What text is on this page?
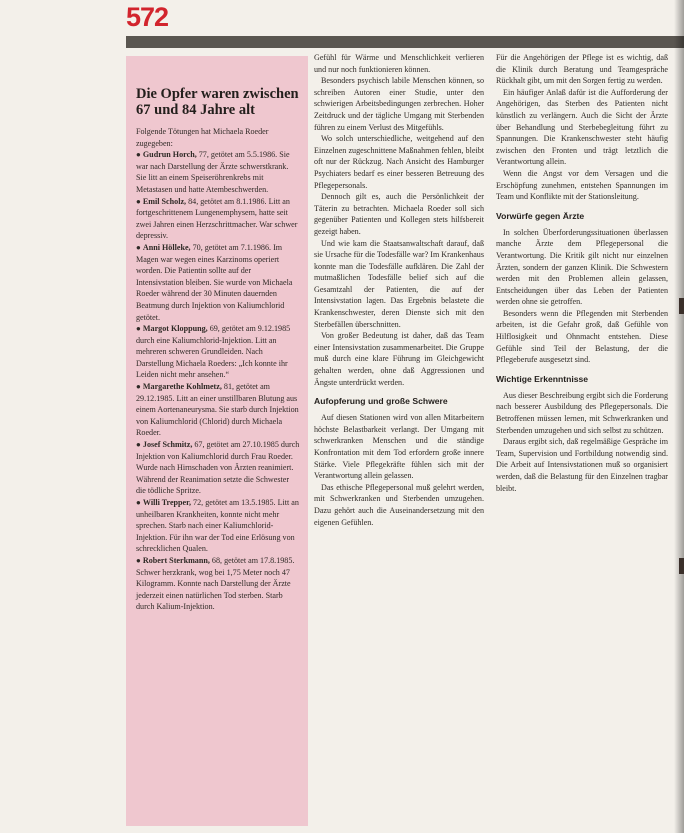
572
Die Opfer waren zwischen 67 und 84 Jahre alt

Folgende Tötungen hat Michaela Roeder zugegeben:

● Gudrun Horch, 77, getötet am 5.5.1986. Sie war nach Darstellung der Ärzte schwerstkrank. Sie litt an einem Speiseröhrenkrebs mit Metastasen und hatte Atembeschwerden.

● Emil Scholz, 84, getötet am 8.1.1986. Litt an fortgeschrittenem Lungenemphysem, hatte seit zwei Jahren einen Herzschrittmacher. War schwer depressiv.

● Anni Hölleke, 70, getötet am 7.1.1986. Im Magen war wegen eines Karzinoms operiert worden. Die Patientin sollte auf der Intensivstation bleiben. Sie wurde von Michaela Roeder während der 30 Minuten dauernden Beatmung durch Injektion von Kaliumchlorid getötet.

● Margot Kloppung, 69, getötet am 9.12.1985 durch eine Kaliumchlorid-Injektion. Litt an mehreren schweren Grundleiden. Nach Darstellung Michaela Roeders: „Ich konnte ihr Leiden nicht mehr ansehen.“

● Margarethe Kohlmetz, 81, getötet am 29.12.1985. Litt an einer unstillbaren Blutung aus einem Aortenaneurysma. Sie starb durch Injektion von Kaliumchlorid (Chlorid) durch Michaela Roeder.

● Josef Schmitz, 67, getötet am 27.10.1985 durch Injektion von Kaliumchlorid durch Frau Roeder. Wurde nach Hirnschaden von Ärzten reanimiert. Während der Reanimation setzte die Schwester die tödliche Spritze.

● Willi Trepper, 72, getötet am 13.5.1985. Litt an unheilbaren Krankheiten, konnte nicht mehr sprechen. Starb nach einer Kaliumchlorid-Injektion. Für ihn war der Tod eine Erlösung von schrecklichen Qualen.

● Robert Sterkmann, 68, getötet am 17.8.1985. Schwer herzkrank, wog bei 1,75 Meter noch 47 Kilogramm. Konnte nach Darstellung der Ärzte jederzeit einen natürlichen Tod sterben. Starb durch Kalium-Injektion.

Gefühl für Wärme und Menschlichkeit verlieren und nur noch funktionieren können.

Besonders psychisch labile Menschen können, so schreiben Autoren einer Studie, unter den schwierigen Arbeitsbedingungen zerbrechen. Hoher Zeitdruck und der tägliche Umgang mit Sterbenden führen zu einem Verlust des Mitgefühls.

Wo solch unterschiedliche, weitgehend auf den Einzelnen zugeschnittene Maßnahmen fehlen, bleibt oft nur der Rückzug. Nach Ansicht des Hamburger Psychiaters bedarf es einer besseren Betreuung des Pflegepersonals.

Dennoch gilt es, auch die Persönlichkeit der Täterin zu betrachten. Michaela Roeder soll sich gegenüber Patienten und Kollegen stets hilfsbereit gezeigt haben.

Und wie kam die Staatsanwaltschaft darauf, daß sie Ursache für die Todesfälle war? Im Krankenhaus konnte man die Todesfälle aufklären. Die Zahl der mutmaßlichen Todesfälle belief sich auf die Gesamtzahl der Patienten, die auf der Intensivstation lagen. Das Ergebnis belastete die Krankenschwester, deren Dienste sich mit den Sterbefällen überschnitten.

Von großer Bedeutung ist daher, daß das Team einer Intensivstation zusammenarbeitet. Die Gruppe muß durch eine klare Führung im Gleichgewicht gehalten werden, ohne daß Aggressionen und Ängste unterdrückt werden.

Aufopferung und große Schwere

Auf diesen Stationen wird von allen Mitarbeitern höchste Belastbarkeit verlangt. Der Umgang mit schwerkranken Menschen und die ständige Konfrontation mit dem Tod erfordern große innere Stärke. Viele Pflegekräfte fühlen sich mit der Verantwortung allein gelassen.

Das ethische Pflegepersonal muß gelehrt werden, mit Schwerkranken und Sterbenden umzugehen. Dazu gehört auch die Auseinandersetzung mit den eigenen Gefühlen.

Für die Angehörigen der Pflege ist es wichtig, daß die Klinik durch Beratung und Teamgespräche Rückhalt gibt, um mit den Sorgen fertig zu werden.

Ein häufiger Anlaß dafür ist die Aufforderung der Angehörigen, das Sterben des Patienten nicht künstlich zu verlängern. Auch die Sicht der Ärzte über Behandlung und Sterbebegleitung führt zu Spannungen. Die Krankenschwester steht häufig zwischen den Fronten und trägt letztlich die Verantwortung allein.

Wenn die Angst vor dem Versagen und die Erschöpfung zunehmen, entstehen Spannungen im Team und Konflikte mit der Stationsleitung.

Vorwürfe gegen Ärzte

In solchen Überforderungssituationen überlassen manche Ärzte dem Pflegepersonal die Verantwortung. Die Kritik gilt nicht nur einzelnen Ärzten, sondern der ganzen Klinik. Die Schwestern werden mit den Problemen allein gelassen, Entscheidungen über das Leben der Patienten werden ohne sie getroffen.

Besonders wenn die Pflegenden mit Sterbenden arbeiten, ist die Gefahr groß, daß Gefühle von Hilflosigkeit und Ohnmacht entstehen. Diese Gefühle sind Teil der Belastung, der die Pflegeberufe ausgesetzt sind.

Wichtige Erkenntnisse

Aus dieser Beschreibung ergibt sich die Forderung nach besserer Ausbildung des Pflegepersonals. Die Betroffenen müssen lernen, mit Schwerkranken und Sterbenden umzugehen und sich selbst zu schützen.

Daraus ergibt sich, daß regelmäßige Gespräche im Team, Supervision und Fortbildung notwendig sind. Die Arbeit auf Intensivstationen muß so organisiert werden, daß die Belastung für den Einzelnen tragbar bleibt.
